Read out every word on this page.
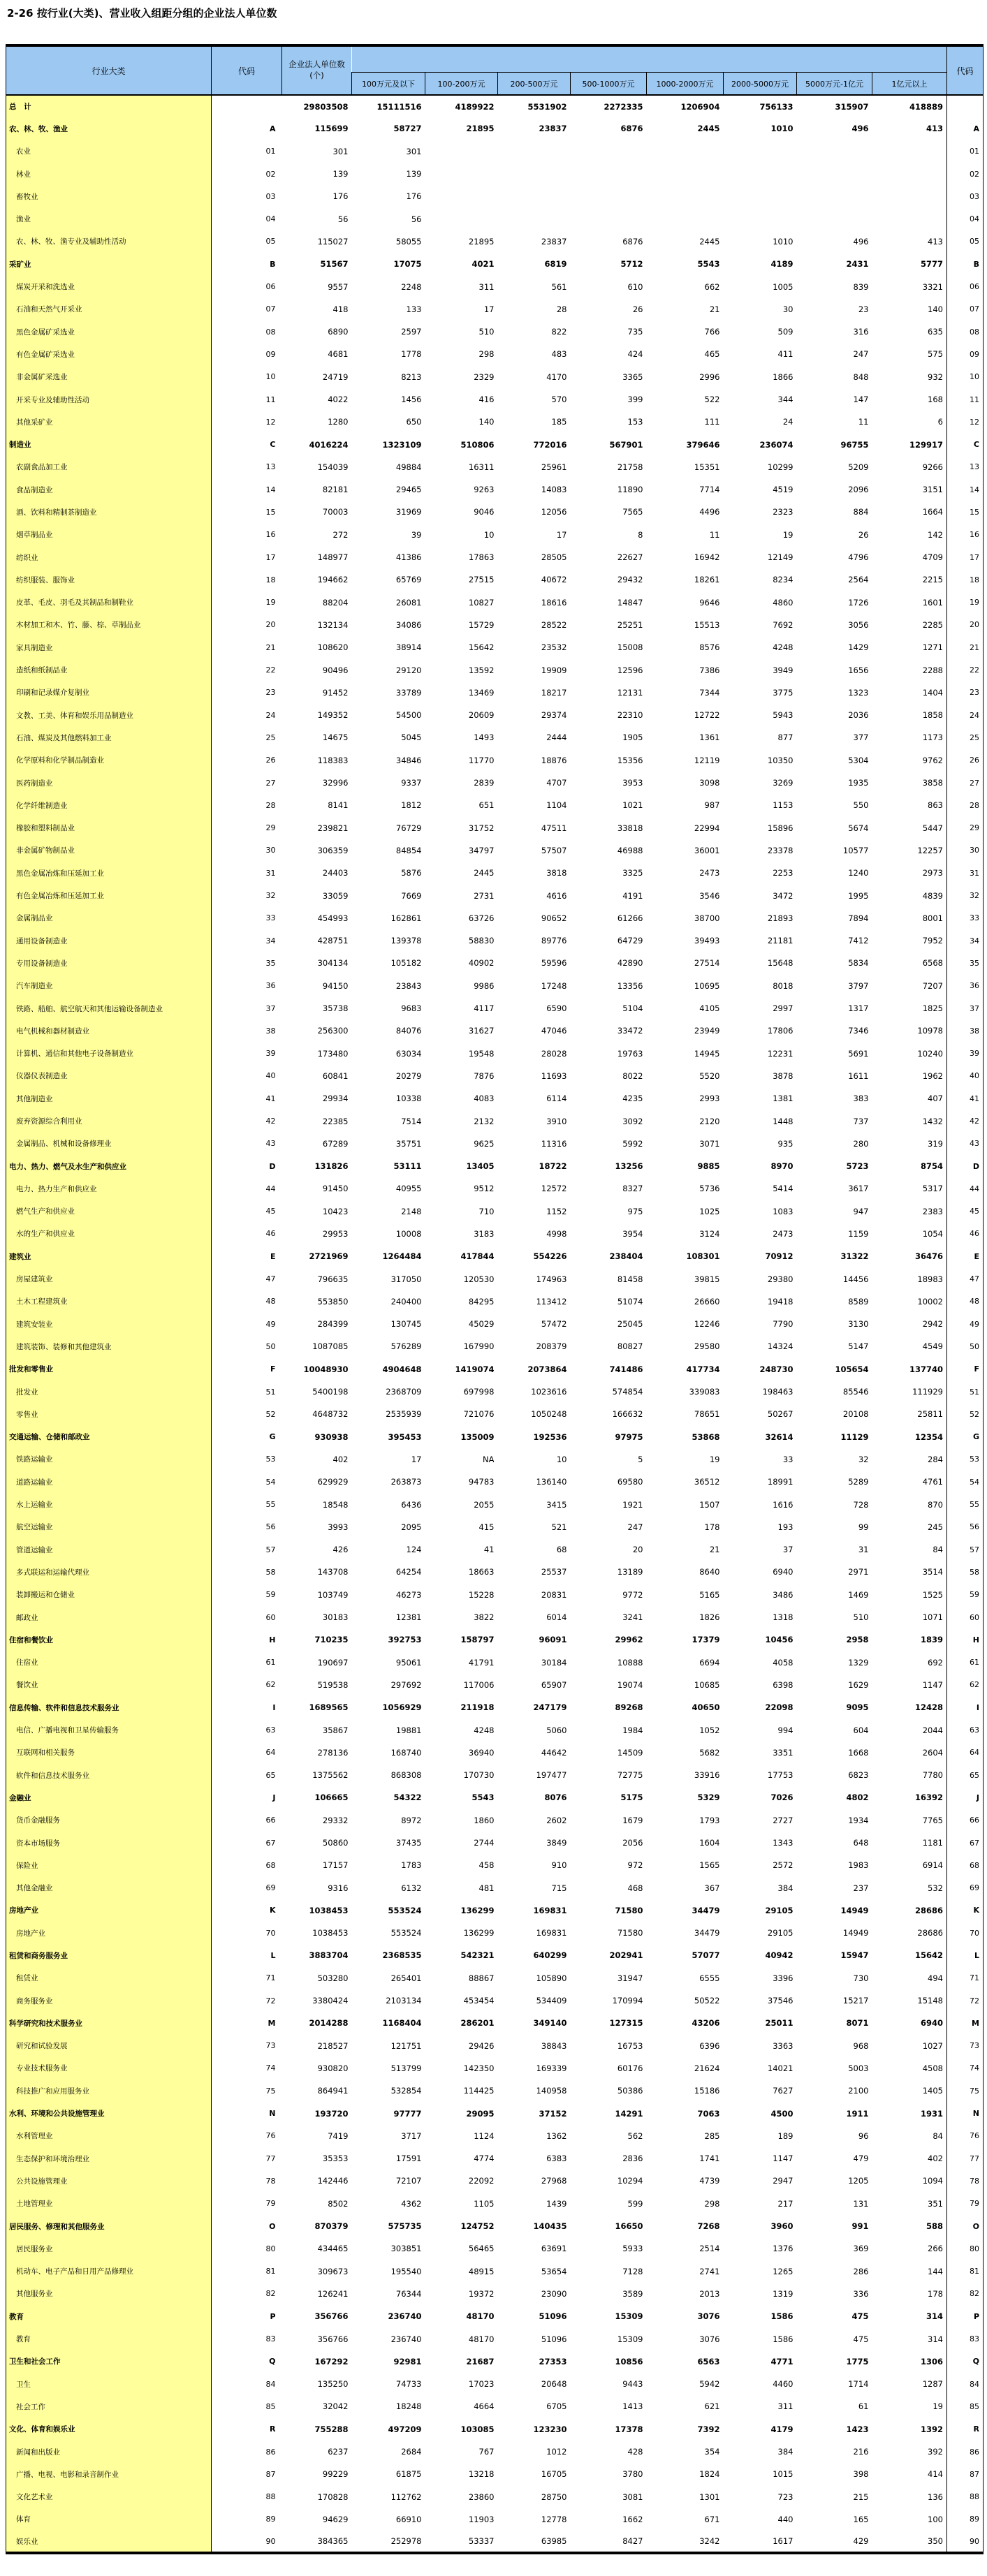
2-26 按行业(大类)、营业收入组距分组的企业法人单位数
行业大类	代码	企业法人单位数
(个)									代码
			100万元及以下	100-200万元	200-500万元	500-1000万元	1000-2000万元	2000-5000万元	5000万元-1亿元	1亿元以上	
总　计		29803508	15111516	4189922	5531902	2272335	1206904	756133	315907	418889	
农、林、牧、渔业	A	115699	58727	21895	23837	6876	2445	1010	496	413	A
农业	01	301	301								01
林业	02	139	139								02
畜牧业	03	176	176								03
渔业	04	56	56								04
农、林、牧、渔专业及辅助性活动	05	115027	58055	21895	23837	6876	2445	1010	496	413	05
采矿业	B	51567	17075	4021	6819	5712	5543	4189	2431	5777	B
煤炭开采和洗选业	06	9557	2248	311	561	610	662	1005	839	3321	06
石油和天然气开采业	07	418	133	17	28	26	21	30	23	140	07
黑色金属矿采选业	08	6890	2597	510	822	735	766	509	316	635	08
有色金属矿采选业	09	4681	1778	298	483	424	465	411	247	575	09
非金属矿采选业	10	24719	8213	2329	4170	3365	2996	1866	848	932	10
开采专业及辅助性活动	11	4022	1456	416	570	399	522	344	147	168	11
其他采矿业	12	1280	650	140	185	153	111	24	11	6	12
制造业	C	4016224	1323109	510806	772016	567901	379646	236074	96755	129917	C
农副食品加工业	13	154039	49884	16311	25961	21758	15351	10299	5209	9266	13
食品制造业	14	82181	29465	9263	14083	11890	7714	4519	2096	3151	14
酒、饮料和精制茶制造业	15	70003	31969	9046	12056	7565	4496	2323	884	1664	15
烟草制品业	16	272	39	10	17	8	11	19	26	142	16
纺织业	17	148977	41386	17863	28505	22627	16942	12149	4796	4709	17
纺织服装、服饰业	18	194662	65769	27515	40672	29432	18261	8234	2564	2215	18
皮革、毛皮、羽毛及其制品和制鞋业	19	88204	26081	10827	18616	14847	9646	4860	1726	1601	19
木材加工和木、竹、藤、棕、草制品业	20	132134	34086	15729	28522	25251	15513	7692	3056	2285	20
家具制造业	21	108620	38914	15642	23532	15008	8576	4248	1429	1271	21
造纸和纸制品业	22	90496	29120	13592	19909	12596	7386	3949	1656	2288	22
印刷和记录媒介复制业	23	91452	33789	13469	18217	12131	7344	3775	1323	1404	23
文教、工美、体育和娱乐用品制造业	24	149352	54500	20609	29374	22310	12722	5943	2036	1858	24
石油、煤炭及其他燃料加工业	25	14675	5045	1493	2444	1905	1361	877	377	1173	25
化学原料和化学制品制造业	26	118383	34846	11770	18876	15356	12119	10350	5304	9762	26
医药制造业	27	32996	9337	2839	4707	3953	3098	3269	1935	3858	27
化学纤维制造业	28	8141	1812	651	1104	1021	987	1153	550	863	28
橡胶和塑料制品业	29	239821	76729	31752	47511	33818	22994	15896	5674	5447	29
非金属矿物制品业	30	306359	84854	34797	57507	46988	36001	23378	10577	12257	30
黑色金属冶炼和压延加工业	31	24403	5876	2445	3818	3325	2473	2253	1240	2973	31
有色金属冶炼和压延加工业	32	33059	7669	2731	4616	4191	3546	3472	1995	4839	32
金属制品业	33	454993	162861	63726	90652	61266	38700	21893	7894	8001	33
通用设备制造业	34	428751	139378	58830	89776	64729	39493	21181	7412	7952	34
专用设备制造业	35	304134	105182	40902	59596	42890	27514	15648	5834	6568	35
汽车制造业	36	94150	23843	9986	17248	13356	10695	8018	3797	7207	36
铁路、船舶、航空航天和其他运输设备制造业	37	35738	9683	4117	6590	5104	4105	2997	1317	1825	37
电气机械和器材制造业	38	256300	84076	31627	47046	33472	23949	17806	7346	10978	38
计算机、通信和其他电子设备制造业	39	173480	63034	19548	28028	19763	14945	12231	5691	10240	39
仪器仪表制造业	40	60841	20279	7876	11693	8022	5520	3878	1611	1962	40
其他制造业	41	29934	10338	4083	6114	4235	2993	1381	383	407	41
废弃资源综合利用业	42	22385	7514	2132	3910	3092	2120	1448	737	1432	42
金属制品、机械和设备修理业	43	67289	35751	9625	11316	5992	3071	935	280	319	43
电力、热力、燃气及水生产和供应业	D	131826	53111	13405	18722	13256	9885	8970	5723	8754	D
电力、热力生产和供应业	44	91450	40955	9512	12572	8327	5736	5414	3617	5317	44
燃气生产和供应业	45	10423	2148	710	1152	975	1025	1083	947	2383	45
水的生产和供应业	46	29953	10008	3183	4998	3954	3124	2473	1159	1054	46
建筑业	E	2721969	1264484	417844	554226	238404	108301	70912	31322	36476	E
房屋建筑业	47	796635	317050	120530	174963	81458	39815	29380	14456	18983	47
土木工程建筑业	48	553850	240400	84295	113412	51074	26660	19418	8589	10002	48
建筑安装业	49	284399	130745	45029	57472	25045	12246	7790	3130	2942	49
建筑装饰、装修和其他建筑业	50	1087085	576289	167990	208379	80827	29580	14324	5147	4549	50
批发和零售业	F	10048930	4904648	1419074	2073864	741486	417734	248730	105654	137740	F
批发业	51	5400198	2368709	697998	1023616	574854	339083	198463	85546	111929	51
零售业	52	4648732	2535939	721076	1050248	166632	78651	50267	20108	25811	52
交通运输、仓储和邮政业	G	930938	395453	135009	192536	97975	53868	32614	11129	12354	G
铁路运输业	53	402	17	NA	10	5	19	33	32	284	53
道路运输业	54	629929	263873	94783	136140	69580	36512	18991	5289	4761	54
水上运输业	55	18548	6436	2055	3415	1921	1507	1616	728	870	55
航空运输业	56	3993	2095	415	521	247	178	193	99	245	56
管道运输业	57	426	124	41	68	20	21	37	31	84	57
多式联运和运输代理业	58	143708	64254	18663	25537	13189	8640	6940	2971	3514	58
装卸搬运和仓储业	59	103749	46273	15228	20831	9772	5165	3486	1469	1525	59
邮政业	60	30183	12381	3822	6014	3241	1826	1318	510	1071	60
住宿和餐饮业	H	710235	392753	158797	96091	29962	17379	10456	2958	1839	H
住宿业	61	190697	95061	41791	30184	10888	6694	4058	1329	692	61
餐饮业	62	519538	297692	117006	65907	19074	10685	6398	1629	1147	62
信息传输、软件和信息技术服务业	I	1689565	1056929	211918	247179	89268	40650	22098	9095	12428	I
电信、广播电视和卫星传输服务	63	35867	19881	4248	5060	1984	1052	994	604	2044	63
互联网和相关服务	64	278136	168740	36940	44642	14509	5682	3351	1668	2604	64
软件和信息技术服务业	65	1375562	868308	170730	197477	72775	33916	17753	6823	7780	65
金融业	J	106665	54322	5543	8076	5175	5329	7026	4802	16392	J
货币金融服务	66	29332	8972	1860	2602	1679	1793	2727	1934	7765	66
资本市场服务	67	50860	37435	2744	3849	2056	1604	1343	648	1181	67
保险业	68	17157	1783	458	910	972	1565	2572	1983	6914	68
其他金融业	69	9316	6132	481	715	468	367	384	237	532	69
房地产业	K	1038453	553524	136299	169831	71580	34479	29105	14949	28686	K
房地产业	70	1038453	553524	136299	169831	71580	34479	29105	14949	28686	70
租赁和商务服务业	L	3883704	2368535	542321	640299	202941	57077	40942	15947	15642	L
租赁业	71	503280	265401	88867	105890	31947	6555	3396	730	494	71
商务服务业	72	3380424	2103134	453454	534409	170994	50522	37546	15217	15148	72
科学研究和技术服务业	M	2014288	1168404	286201	349140	127315	43206	25011	8071	6940	M
研究和试验发展	73	218527	121751	29426	38843	16753	6396	3363	968	1027	73
专业技术服务业	74	930820	513799	142350	169339	60176	21624	14021	5003	4508	74
科技推广和应用服务业	75	864941	532854	114425	140958	50386	15186	7627	2100	1405	75
水利、环境和公共设施管理业	N	193720	97777	29095	37152	14291	7063	4500	1911	1931	N
水利管理业	76	7419	3717	1124	1362	562	285	189	96	84	76
生态保护和环境治理业	77	35353	17591	4774	6383	2836	1741	1147	479	402	77
公共设施管理业	78	142446	72107	22092	27968	10294	4739	2947	1205	1094	78
土地管理业	79	8502	4362	1105	1439	599	298	217	131	351	79
居民服务、修理和其他服务业	O	870379	575735	124752	140435	16650	7268	3960	991	588	O
居民服务业	80	434465	303851	56465	63691	5933	2514	1376	369	266	80
机动车、电子产品和日用产品修理业	81	309673	195540	48915	53654	7128	2741	1265	286	144	81
其他服务业	82	126241	76344	19372	23090	3589	2013	1319	336	178	82
教育	P	356766	236740	48170	51096	15309	3076	1586	475	314	P
教育	83	356766	236740	48170	51096	15309	3076	1586	475	314	83
卫生和社会工作	Q	167292	92981	21687	27353	10856	6563	4771	1775	1306	Q
卫生	84	135250	74733	17023	20648	9443	5942	4460	1714	1287	84
社会工作	85	32042	18248	4664	6705	1413	621	311	61	19	85
文化、体育和娱乐业	R	755288	497209	103085	123230	17378	7392	4179	1423	1392	R
新闻和出版业	86	6237	2684	767	1012	428	354	384	216	392	86
广播、电视、电影和录音制作业	87	99229	61875	13218	16705	3780	1824	1015	398	414	87
文化艺术业	88	170828	112762	23860	28750	3081	1301	723	215	136	88
体育	89	94629	66910	11903	12778	1662	671	440	165	100	89
娱乐业	90	384365	252978	53337	63985	8427	3242	1617	429	350	90
